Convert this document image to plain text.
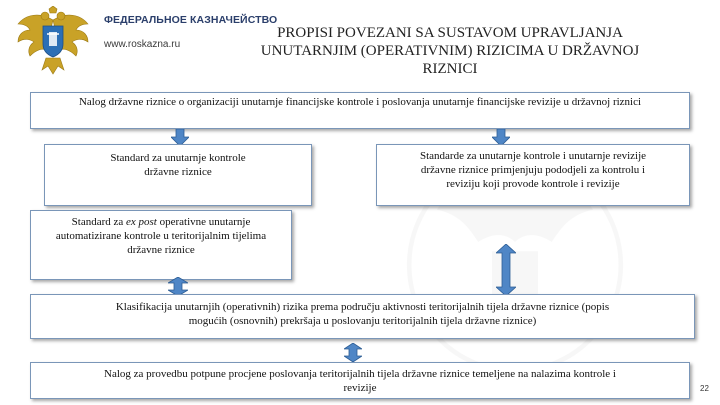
ФЕДЕРАЛЬНОЕ КАЗНАЧЕЙСТВО
www.roskazna.ru
PROPISI POVEZANI SA SUSTAVOM UPRAVLJANJA
UNUTARNJIM (OPERATIVNIM) RIZICIMA U DRŽAVNOJ
RIZNICI
Nalog državne riznice o organizaciji unutarnje financijske kontrole i poslovanja unutarnje financijske revizije u državnoj riznici
Standard za unutarnje kontrole
državne riznice
Standarde za unutarnje kontrole i unutarnje revizije
državne riznice primjenjuju pododjeli za kontrolu i
reviziju koji provode kontrole i revizije
Standard za ex post operativne unutarnje
automatizirane kontrole u teritorijalnim tijelima
državne riznice
Klasifikacija unutarnjih (operativnih) rizika prema području aktivnosti teritorijalnih tijela državne riznice (popis
mogućih (osnovnih) prekršaja u poslovanju teritorijalnih tijela državne riznice)
Nalog za provedbu potpune procjene poslovanja teritorijalnih tijela državne riznice temeljene na nalazima kontrole i
revizije	22
